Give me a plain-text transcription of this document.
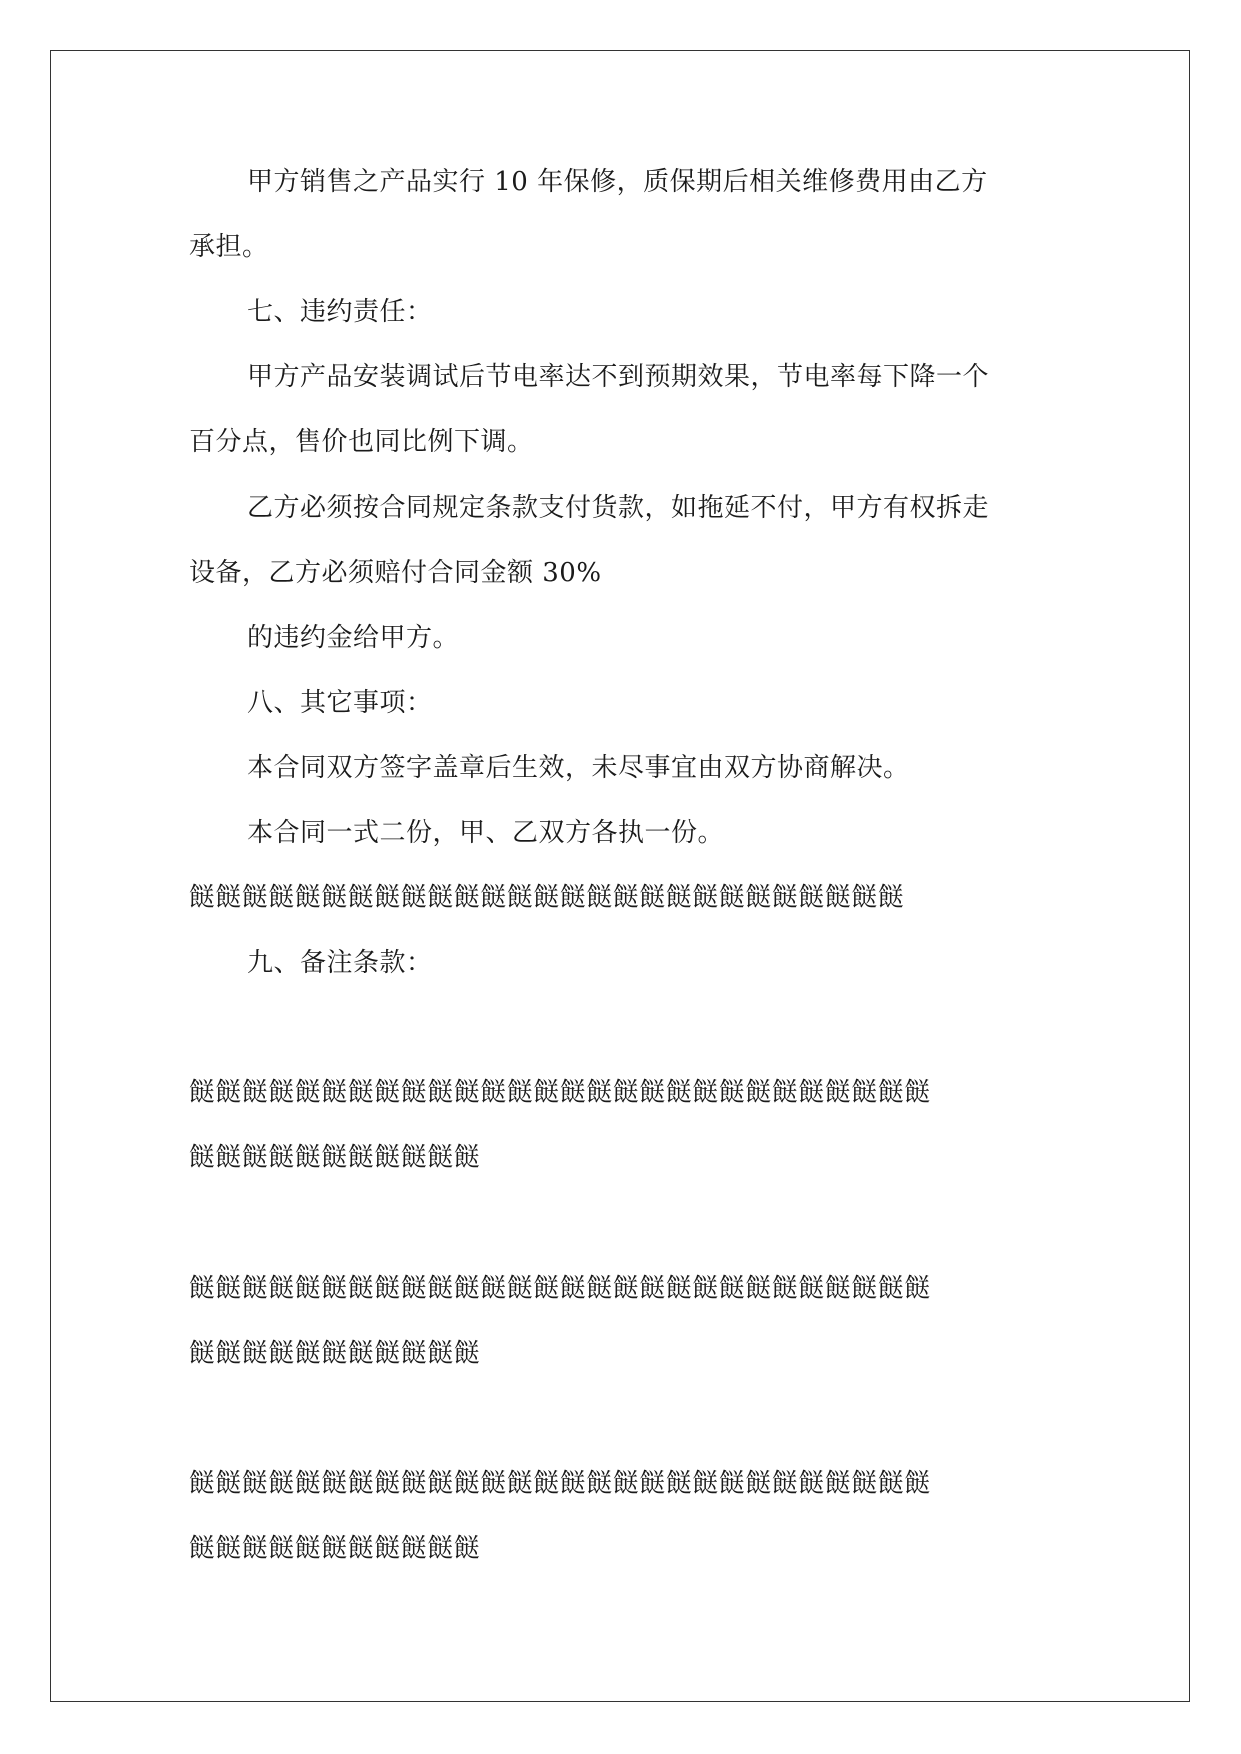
甲方销售之产品实行 10 年保修，质保期后相关维修费用由乙方
承担。
七、违约责任：
甲方产品安装调试后节电率达不到预期效果，节电率每下降一个
百分点，售价也同比例下调。
乙方必须按合同规定条款支付货款，如拖延不付，甲方有权拆走
设备，乙方必须赔付合同金额 30%
的违约金给甲方。
八、其它事项：
本合同双方签字盖章后生效，未尽事宜由双方协商解决。
本合同一式二份，甲、乙双方各执一份。
餸餸餸餸餸餸餸餸餸餸餸餸餸餸餸餸餸餸餸餸餸餸餸餸餸餸餸
九、备注条款：
餸餸餸餸餸餸餸餸餸餸餸餸餸餸餸餸餸餸餸餸餸餸餸餸餸餸餸餸
餸餸餸餸餸餸餸餸餸餸餸
餸餸餸餸餸餸餸餸餸餸餸餸餸餸餸餸餸餸餸餸餸餸餸餸餸餸餸餸
餸餸餸餸餸餸餸餸餸餸餸
餸餸餸餸餸餸餸餸餸餸餸餸餸餸餸餸餸餸餸餸餸餸餸餸餸餸餸餸
餸餸餸餸餸餸餸餸餸餸餸
